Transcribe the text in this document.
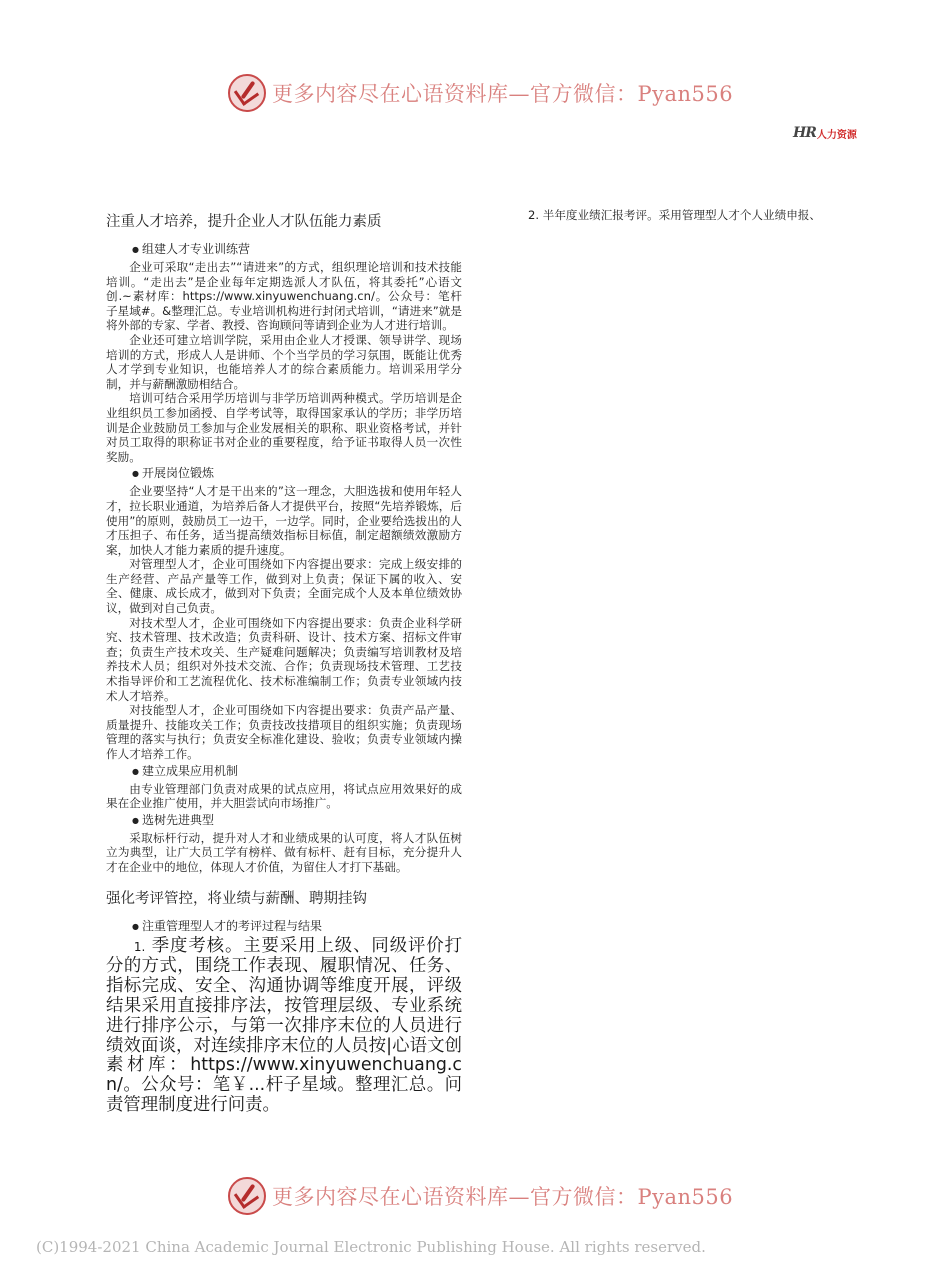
更多内容尽在心语资料库—官方微信：Pyan556
HR 人力资源
注重人才培养，提升企业人才队伍能力素质
● 组建人才专业训练营

企业可采取“走出去”“请进来”的方式，组织理论培训和技术技能培训。“走出去”是企业每年定期选派人才队伍，将其委托”心语文创.~素材库：https://www.xinyuwenchuang.cn/。公众号：笔杆子星域#。&整理汇总。专业培训机构进行封闭式培训，“请进来”就是将外部的专家、学者、教授、咨询顾问等请到企业为人才进行培训。

企业还可建立培训学院，采用由企业人才授课、领导讲学、现场培训的方式，形成人人是讲师、个个当学员的学习氛围，既能让优秀人才学到专业知识，也能培养人才的综合素质能力。培训采用学分制，并与薪酬激励相结合。

培训可结合采用学历培训与非学历培训两种模式。学历培训是企业组织员工参加函授、自学考试等，取得国家承认的学历；非学历培训是企业鼓励员工参加与企业发展相关的职称、职业资格考试，并针对员工取得的职称证书对企业的重要程度，给予证书取得人员一次性奖励。

● 开展岗位锻炼

企业要坚持“人才是干出来的”这一理念，大胆选拔和使用年轻人才，拉长职业通道，为培养后备人才提供平台，按照“先培养锻炼，后使用”的原则，鼓励员工一边干，一边学。同时，企业要给选拔出的人才压担子、布任务，适当提高绩效指标目标值，制定超额绩效激励方案，加快人才能力素质的提升速度。

对管理型人才，企业可围绕如下内容提出要求：完成上级安排的生产经营、产品产量等工作，做到对上负责；保证下属的收入、安全、健康、成长成才，做到对下负责；全面完成个人及本单位绩效协议，做到对自己负责。

对技术型人才，企业可围绕如下内容提出要求：负责企业科学研究、技术管理、技术改造；负责科研、设计、技术方案、招标文件审查；负责生产技术攻关、生产疑难问题解决；负责编写培训教材及培养技术人员；组织对外技术交流、合作；负责现场技术管理、工艺技术指导评价和工艺流程优化、技术标准编制工作；负责专业领域内技术人才培养。

对技能型人才，企业可围绕如下内容提出要求：负责产品产量、质量提升、技能攻关工作；负责技改技措项目的组织实施；负责现场管理的落实与执行；负责安全标准化建设、验收；负责专业领域内操作人才培养工作。

● 建立成果应用机制

由专业管理部门负责对成果的试点应用，将试点应用效果好的成果在企业推广使用，并大胆尝试向市场推广。

● 选树先进典型

采取标杆行动，提升对人才和业绩成果的认可度，将人才队伍树立为典型，让广大员工学有榜样、做有标杆、赶有目标，充分提升人才在企业中的地位，体现人才价值，为留住人才打下基础。

强化考评管控，将业绩与薪酬、聘期挂钩
● 注重管理型人才的考评过程与结果

1. 季度考核。主要采用上级、同级评价打分的方式，围绕工作表现、履职情况、任务、指标完成、安全、沟通协调等维度开展，评级结果采用直接排序法，按管理层级、专业系统进行排序公示，与第一次排序末位的人员进行绩效面谈，对连续排序末位的人员按|心语文创素材库：https://www.xinyuwenchuang.cn/。公众号：笔￥...杆子星域。整理汇总。问责管理制度进行问责。

2. 半年度业绩汇报考评。采用管理型人才个人业绩申报、
更多内容尽在心语资料库—官方微信：Pyan556
(C)1994-2021 China Academic Journal Electronic Publishing House. All rights reserved.
